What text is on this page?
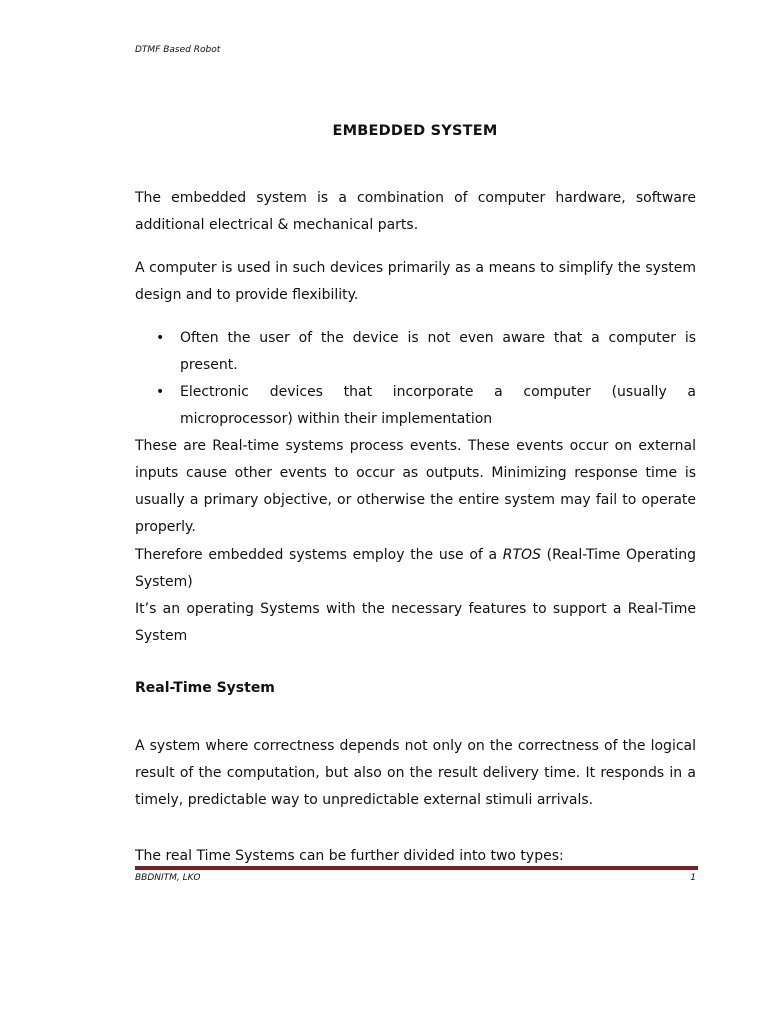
DTMF Based Robot
EMBEDDED SYSTEM

The embedded system is a combination of computer hardware, software additional electrical & mechanical parts.

A computer is used in such devices primarily as a means to simplify the system design and to provide flexibility.

• Often the user of the device is not even aware that a computer is present.
• Electronic devices that incorporate a computer (usually a microprocessor) within their implementation

These are Real-time systems process events. These events occur on external inputs cause other events to occur as outputs. Minimizing response time is usually a primary objective, or otherwise the entire system may fail to operate properly.

Therefore embedded systems employ the use of a RTOS (Real-Time Operating System)

It’s an operating Systems with the necessary features to support a Real-Time System

Real-Time System

A system where correctness depends not only on the correctness of the logical result of the computation, but also on the result delivery time. It responds in a timely, predictable way to unpredictable external stimuli arrivals.

The real Time Systems can be further divided into two types:

BBDNITM, LKO	1
